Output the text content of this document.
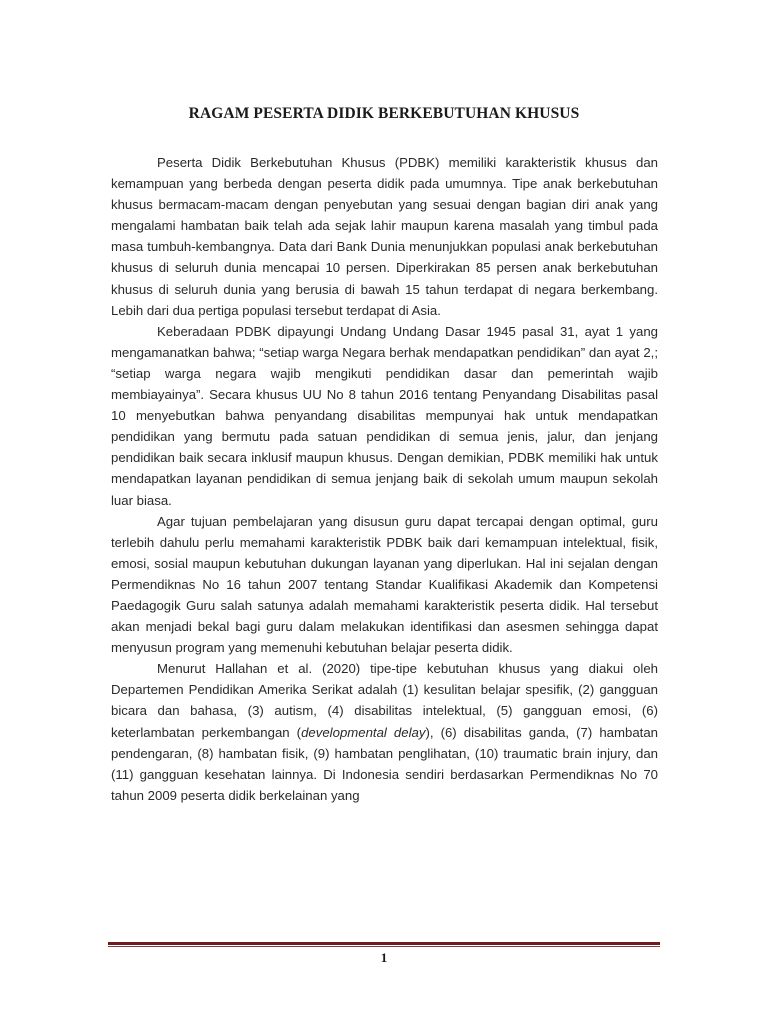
RAGAM PESERTA DIDIK BERKEBUTUHAN KHUSUS

Peserta Didik Berkebutuhan Khusus (PDBK) memiliki karakteristik khusus dan kemampuan yang berbeda dengan peserta didik pada umumnya. Tipe anak berkebutuhan khusus bermacam-macam dengan penyebutan yang sesuai dengan bagian diri anak yang mengalami hambatan baik telah ada sejak lahir maupun karena masalah yang timbul pada masa tumbuh-kembangnya. Data dari Bank Dunia menunjukkan populasi anak berkebutuhan khusus di seluruh dunia mencapai 10 persen. Diperkirakan 85 persen anak berkebutuhan khusus di seluruh dunia yang berusia di bawah 15 tahun terdapat di negara berkembang. Lebih dari dua pertiga populasi tersebut terdapat di Asia.

Keberadaan PDBK dipayungi Undang Undang Dasar 1945 pasal 31, ayat 1 yang mengamanatkan bahwa; “setiap warga Negara berhak mendapatkan pendidikan” dan ayat 2,; “setiap warga negara wajib mengikuti pendidikan dasar dan pemerintah wajib membiayainya”. Secara khusus UU No 8 tahun 2016 tentang Penyandang Disabilitas pasal 10 menyebutkan bahwa penyandang disabilitas mempunyai hak untuk mendapatkan pendidikan yang bermutu pada satuan pendidikan di semua jenis, jalur, dan jenjang pendidikan baik secara inklusif maupun khusus. Dengan demikian, PDBK memiliki hak untuk mendapatkan layanan pendidikan di semua jenjang baik di sekolah umum maupun sekolah luar biasa.

Agar tujuan pembelajaran yang disusun guru dapat tercapai dengan optimal, guru terlebih dahulu perlu memahami karakteristik PDBK baik dari kemampuan intelektual, fisik, emosi, sosial maupun kebutuhan dukungan layanan yang diperlukan. Hal ini sejalan dengan Permendiknas No 16 tahun 2007 tentang Standar Kualifikasi Akademik dan Kompetensi Paedagogik Guru salah satunya adalah memahami karakteristik peserta didik. Hal tersebut akan menjadi bekal bagi guru dalam melakukan identifikasi dan asesmen sehingga dapat menyusun program yang memenuhi kebutuhan belajar peserta didik.

Menurut Hallahan et al. (2020) tipe-tipe kebutuhan khusus yang diakui oleh Departemen Pendidikan Amerika Serikat adalah (1) kesulitan belajar spesifik, (2) gangguan bicara dan bahasa, (3) autism, (4) disabilitas intelektual, (5) gangguan emosi, (6) keterlambatan perkembangan (developmental delay), (6) disabilitas ganda, (7) hambatan pendengaran, (8) hambatan fisik, (9) hambatan penglihatan, (10) traumatic brain injury, dan (11) gangguan kesehatan lainnya. Di Indonesia sendiri berdasarkan Permendiknas No 70 tahun 2009 peserta didik berkelainan yang

1
